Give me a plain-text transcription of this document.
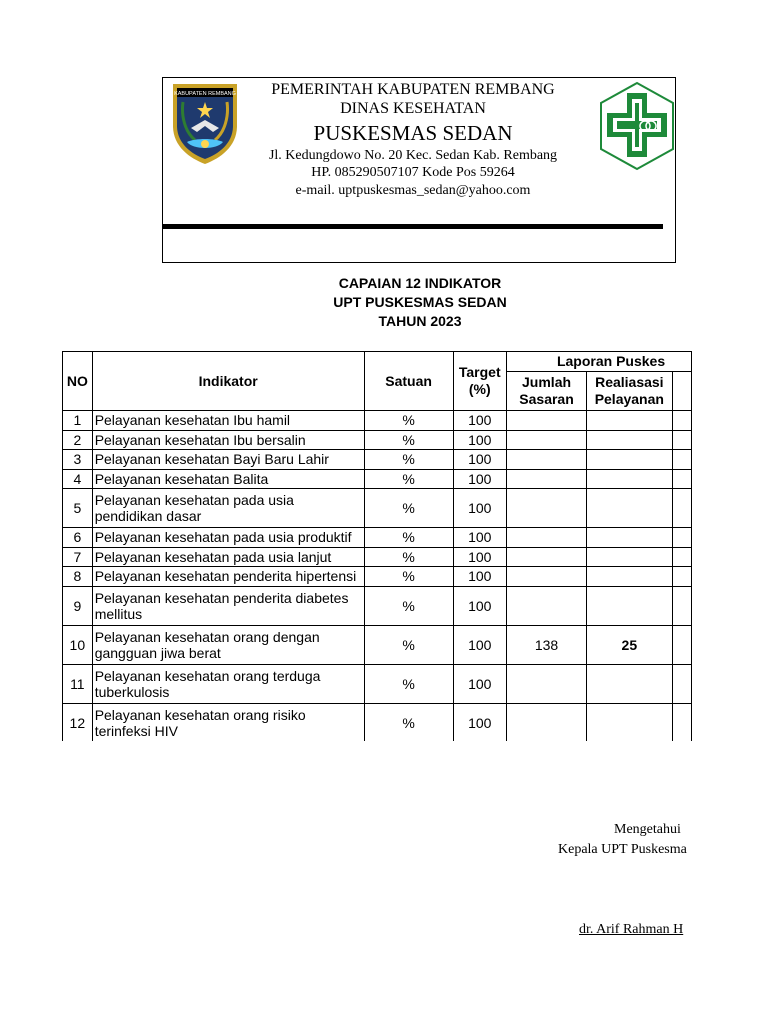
KABUPATEN REMBANG	PEMERINTAH KABUPATEN REMBANG
DINAS KESEHATAN
PUSKESMAS SEDAN
Jl. Kedungdowo No. 20 Kec. Sedan Kab. Rembang
HP. 085290507107 Kode Pos 59264
e-mail. uptpuskesmas_sedan@yahoo.com
CAPAIAN 12 INDIKATOR
UPT PUSKESMAS SEDAN
TAHUN 2023
NO	Indikator	Satuan	Target (%)	Laporan Puskes		
				Jumlah Sasaran	Realiasasi Pelayanan	
1	Pelayanan kesehatan Ibu hamil	%	100			
2	Pelayanan kesehatan Ibu bersalin	%	100			
3	Pelayanan kesehatan Bayi Baru Lahir	%	100			
4	Pelayanan kesehatan Balita	%	100			
5	Pelayanan kesehatan pada usia pendidikan dasar	%	100			
6	Pelayanan kesehatan pada usia produktif	%	100			
7	Pelayanan kesehatan pada usia lanjut	%	100			
8	Pelayanan kesehatan penderita hipertensi	%	100			
9	Pelayanan kesehatan penderita diabetes mellitus	%	100			
10	Pelayanan kesehatan orang dengan gangguan jiwa berat	%	100	138	25	
11	Pelayanan kesehatan orang terduga tuberkulosis	%	100			
12	Pelayanan kesehatan orang risiko terinfeksi HIV	%	100			
Mengetahui
Kepala UPT Puskesma
dr. Arif Rahman H
